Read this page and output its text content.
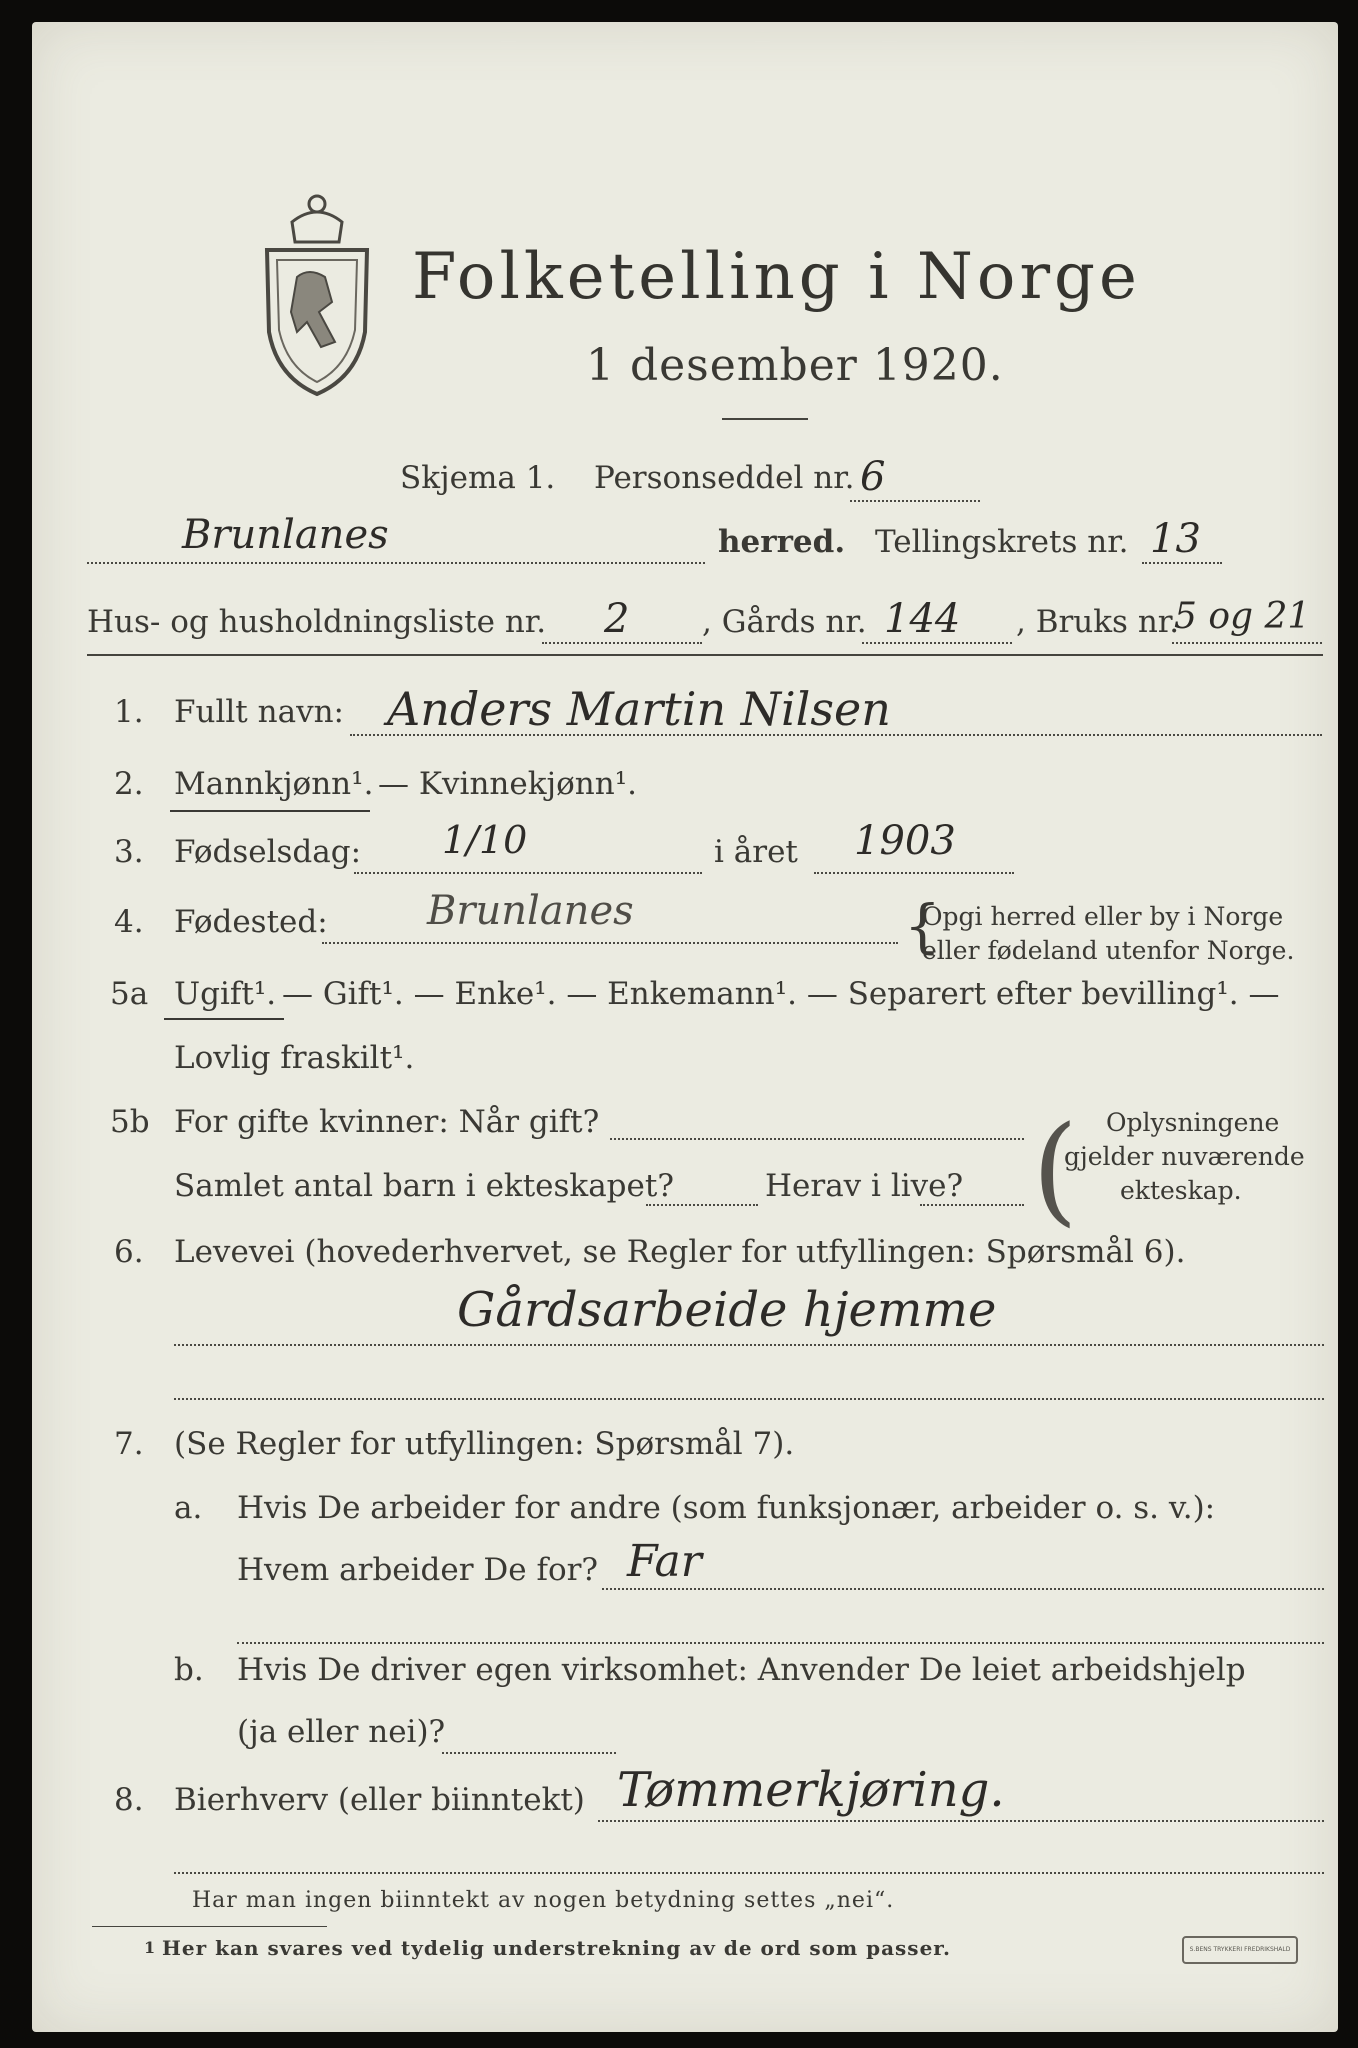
Folketelling i Norge
1 desember 1920.
Skjema 1. Personseddel nr. 6
Brunlanes	herred. Tellingskrets nr. 13
Hus- og husholdningsliste nr. 2 , Gårds nr. 144 , Bruks nr.
5 og 21
1. Fullt navn: Anders Martin Nilsen
2. Mannkjønn¹. — Kvinnekjønn¹.
3. Fødselsdag: 1/10	i året 1903
4. Fødested: Brunlanes	{
Opgi herred eller by i Norge
eller fødeland utenfor Norge.
5a Ugift¹. — Gift¹. — Enke¹. — Enkemann¹. — Separert efter bevilling¹. —
Lovlig fraskilt¹.
5b For gifte kvinner: Når gift?
Samlet antal barn i ekteskapet?	Herav i live? ( Oplysningene
gjelder nuværende
ekteskap.
6. Levevei (hovederhvervet, se Regler for utfyllingen: Spørsmål 6).
Gårdsarbeide hjemme
7. (Se Regler for utfyllingen: Spørsmål 7).
a. Hvis De arbeider for andre (som funksjonær, arbeider o. s. v.):
Hvem arbeider De for? Far
b. Hvis De driver egen virksomhet: Anvender De leiet arbeidshjelp
(ja eller nei)?
8. Bierhverv (eller biinntekt) Tømmerkjøring.
Har man ingen biinntekt av nogen betydning settes „nei“.
1 Her kan svares ved tydelig understrekning av de ord som passer.	S.BENS TRYKKERI FREDRIKSHALD
